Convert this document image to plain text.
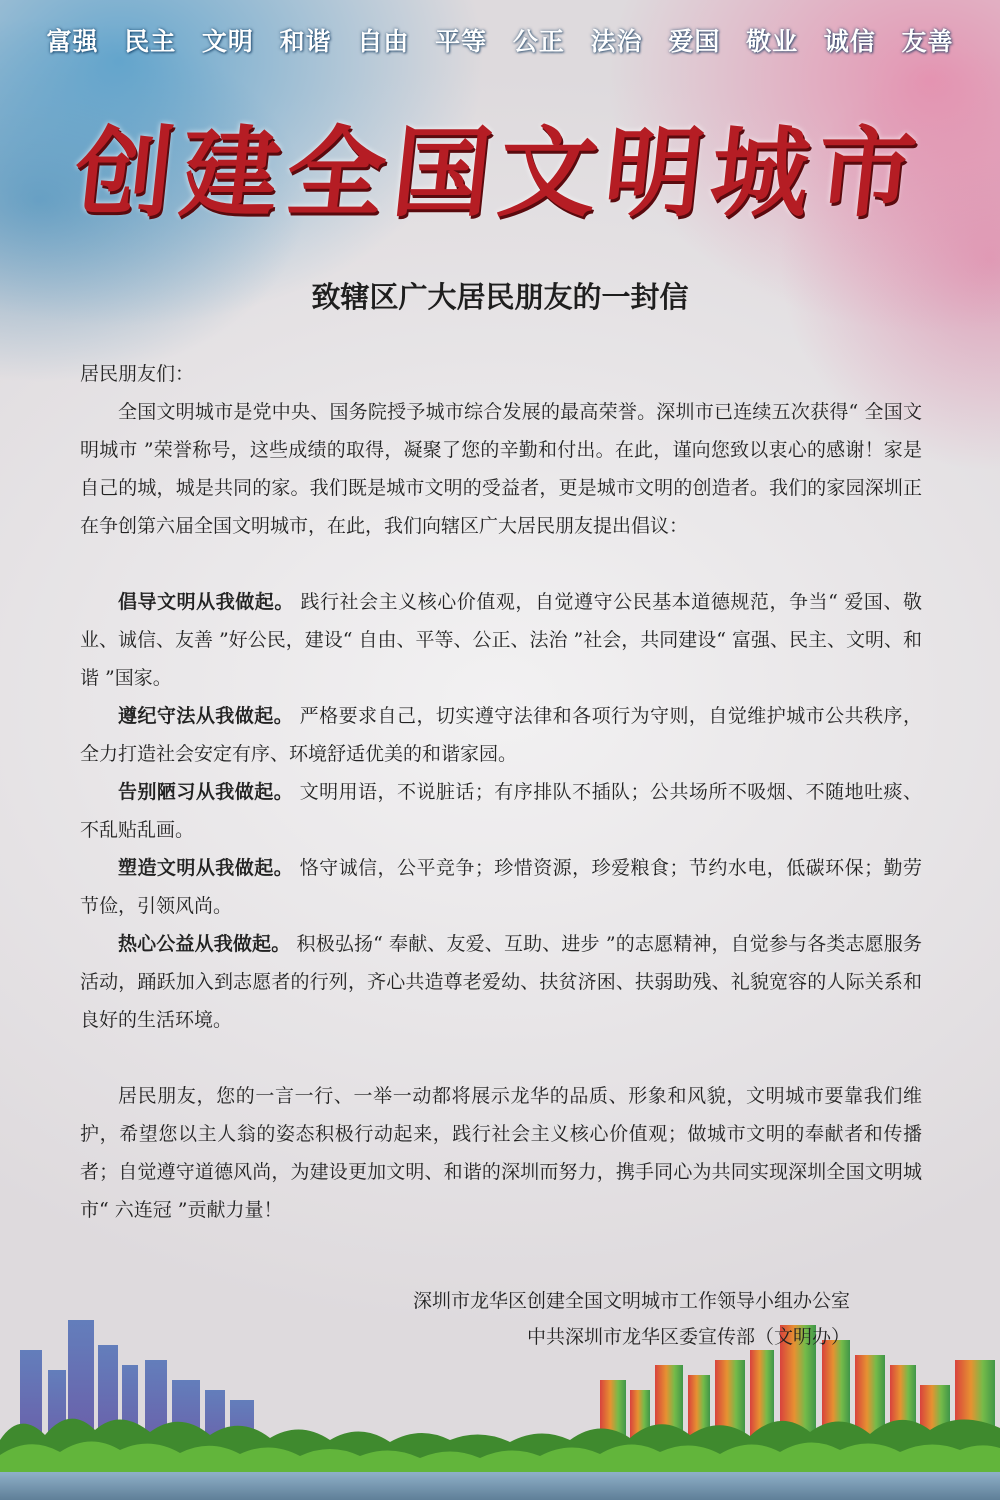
富强 民主 文明 和谐 自由 平等 公正 法治 爱国 敬业 诚信 友善
创建全国文明城市
致辖区广大居民朋友的一封信

居民朋友们：

全国文明城市是党中央、国务院授予城市综合发展的最高荣誉。深圳市已连续五次获得“ 全国文明城市 ”荣誉称号，这些成绩的取得，凝聚了您的辛勤和付出。在此，谨向您致以衷心的感谢！家是自己的城，城是共同的家。我们既是城市文明的受益者，更是城市文明的创造者。我们的家园深圳正在争创第六届全国文明城市，在此，我们向辖区广大居民朋友提出倡议：

倡导文明从我做起。 践行社会主义核心价值观，自觉遵守公民基本道德规范，争当“ 爱国、敬业、诚信、友善 ”好公民，建设“ 自由、平等、公正、法治 ”社会，共同建设“ 富强、民主、文明、和谐 ”国家。

遵纪守法从我做起。 严格要求自己，切实遵守法律和各项行为守则，自觉维护城市公共秩序，全力打造社会安定有序、环境舒适优美的和谐家园。

告别陋习从我做起。 文明用语，不说脏话；有序排队不插队；公共场所不吸烟、不随地吐痰、不乱贴乱画。

塑造文明从我做起。 恪守诚信，公平竞争；珍惜资源，珍爱粮食；节约水电，低碳环保；勤劳节俭，引领风尚。

热心公益从我做起。 积极弘扬“ 奉献、友爱、互助、进步 ”的志愿精神，自觉参与各类志愿服务活动，踊跃加入到志愿者的行列，齐心共造尊老爱幼、扶贫济困、扶弱助残、礼貌宽容的人际关系和良好的生活环境。

居民朋友，您的一言一行、一举一动都将展示龙华的品质、形象和风貌，文明城市要靠我们维护，希望您以主人翁的姿态积极行动起来，践行社会主义核心价值观；做城市文明的奉献者和传播者；自觉遵守道德风尚，为建设更加文明、和谐的深圳而努力，携手同心为共同实现深圳全国文明城市“ 六连冠 ”贡献力量！

深圳市龙华区创建全国文明城市工作领导小组办公室
中共深圳市龙华区委宣传部（文明办）
